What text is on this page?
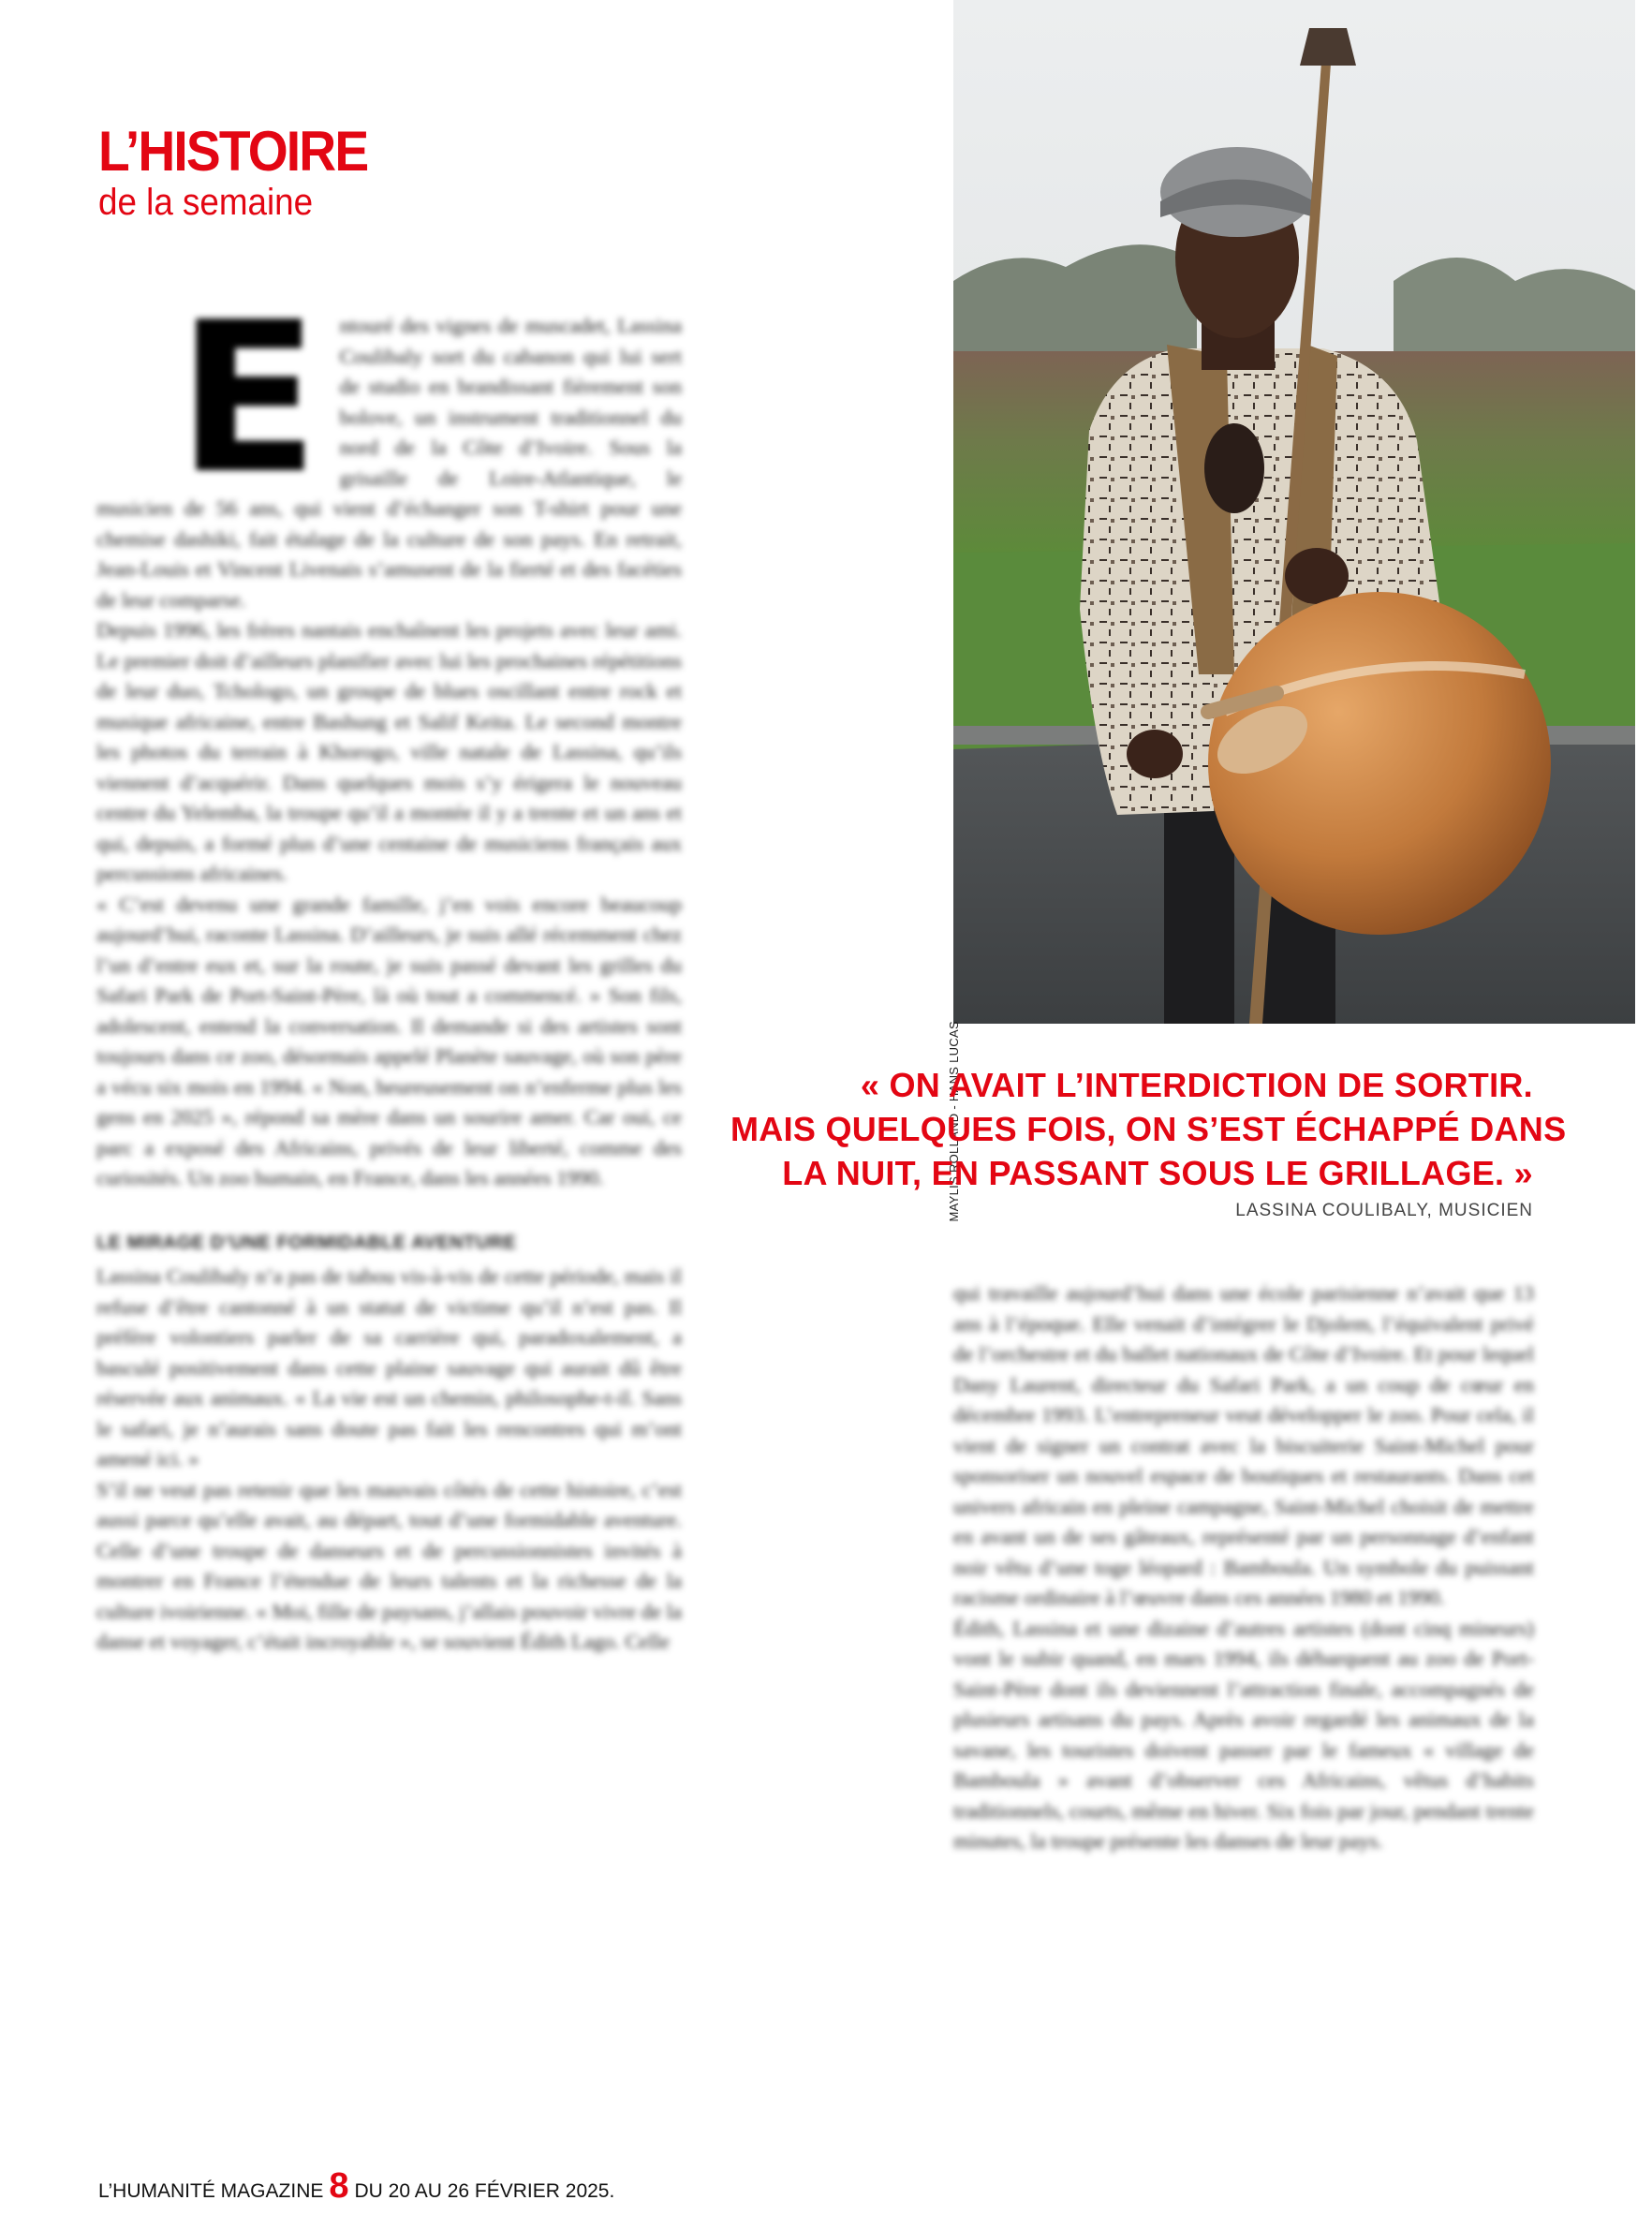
L’HISTOIRE
de la semaine
E ntouré des vignes de muscadet, Lassina Coulibaly sort du cabanon qui lui sert de studio en brandissant fièrement son bolove, un instrument traditionnel du nord de la Côte d’Ivoire. Sous la grisaille de Loire-Atlantique, le musicien de 56 ans, qui vient d’échanger son T-shirt pour une chemise dashiki, fait étalage de la culture de son pays. En retrait, Jean-Louis et Vincent Livenais s’amusent de la fierté et des facéties de leur comparse.

Depuis 1996, les frères nantais enchaînent les projets avec leur ami. Le premier doit d’ailleurs planifier avec lui les prochaines répétitions de leur duo, Tchologo, un groupe de blues oscillant entre rock et musique africaine, entre Bashung et Salif Keita. Le second montre les photos du terrain à Khorogo, ville natale de Lassina, qu’ils viennent d’acquérir. Dans quelques mois s’y érigera le nouveau centre du Yelemba, la troupe qu’il a montée il y a trente et un ans et qui, depuis, a formé plus d’une centaine de musiciens français aux percussions africaines.

« C’est devenu une grande famille, j’en vois encore beaucoup aujourd’hui, raconte Lassina. D’ailleurs, je suis allé récemment chez l’un d’entre eux et, sur la route, je suis passé devant les grilles du Safari Park de Port-Saint-Père, là où tout a commencé. » Son fils, adolescent, entend la conversation. Il demande si des artistes sont toujours dans ce zoo, désormais appelé Planète sauvage, où son père a vécu six mois en 1994. « Non, heureusement on n’enferme plus les gens en 2025 », répond sa mère dans un sourire amer. Car oui, ce parc a exposé des Africains, privés de leur liberté, comme des curiosités. Un zoo humain, en France, dans les années 1990.

LE MIRAGE D’UNE FORMIDABLE AVENTURE

Lassina Coulibaly n’a pas de tabou vis-à-vis de cette période, mais il refuse d’être cantonné à un statut de victime qu’il n’est pas. Il préfère volontiers parler de sa carrière qui, paradoxalement, a basculé positivement dans cette plaine sauvage qui aurait dû être réservée aux animaux. « La vie est un chemin, philosophe-t-il. Sans le safari, je n’aurais sans doute pas fait les rencontres qui m’ont amené ici. »

S’il ne veut pas retenir que les mauvais côtés de cette histoire, c’est aussi parce qu’elle avait, au départ, tout d’une formidable aventure. Celle d’une troupe de danseurs et de percussionnistes invités à montrer en France l’étendue de leurs talents et la richesse de la culture ivoirienne. « Moi, fille de paysans, j’allais pouvoir vivre de la danse et voyager, c’était incroyable », se souvient Édith Lago. Celle

MAYLIS ROLLAND - HANS LUCAS
« ON AVAIT L’INTERDICTION DE SORTIR.
MAIS QUELQUES FOIS, ON S’EST ÉCHAPPÉ DANS
LA NUIT, EN PASSANT SOUS LE GRILLAGE. »
LASSINA COULIBALY, MUSICIEN

qui travaille aujourd’hui dans une école parisienne n’avait que 13 ans à l’époque. Elle venait d’intégrer le Djolem, l’équivalent privé de l’orchestre et du ballet nationaux de Côte d’Ivoire. Et pour lequel Dany Laurent, directeur du Safari Park, a un coup de cœur en décembre 1993. L’entrepreneur veut développer le zoo. Pour cela, il vient de signer un contrat avec la biscuiterie Saint-Michel pour sponsoriser un nouvel espace de boutiques et restaurants. Dans cet univers africain en pleine campagne, Saint-Michel choisit de mettre en avant un de ses gâteaux, représenté par un personnage d’enfant noir vêtu d’une toge léopard : Bamboula. Un symbole du puissant racisme ordinaire à l’œuvre dans ces années 1980 et 1990.

Édith, Lassina et une dizaine d’autres artistes (dont cinq mineurs) vont le subir quand, en mars 1994, ils débarquent au zoo de Port-Saint-Père dont ils deviennent l’attraction finale, accompagnés de plusieurs artisans du pays. Après avoir regardé les animaux de la savane, les touristes doivent passer par le fameux « village de Bamboula » avant d’observer ces Africains, vêtus d’habits traditionnels, courts, même en hiver. Six fois par jour, pendant trente minutes, la troupe présente les danses de leur pays.

L’HUMANITÉ MAGAZINE 8 DU 20 AU 26 FÉVRIER 2025.
